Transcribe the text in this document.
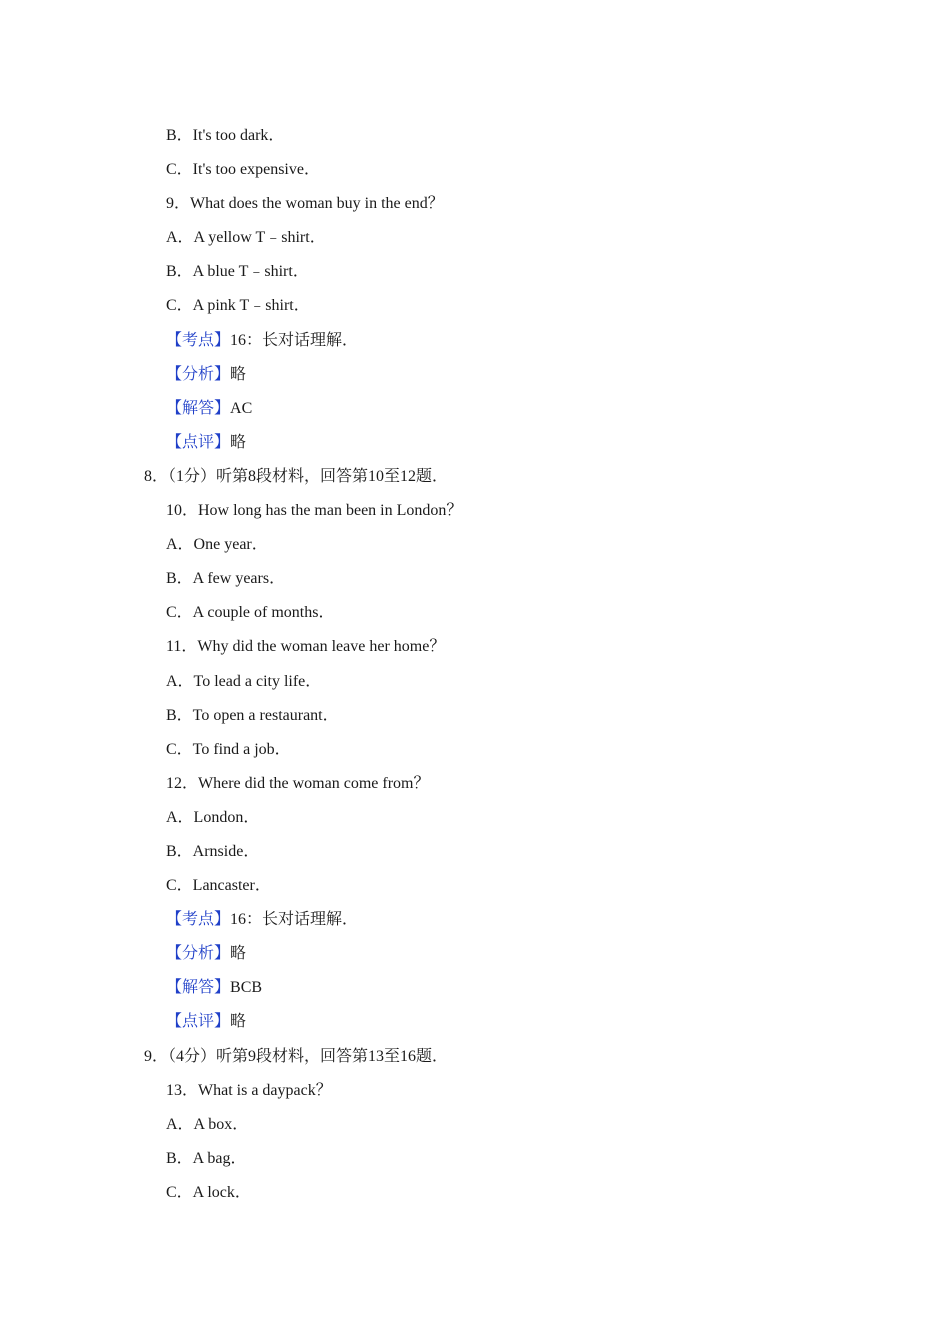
B．It's too dark．
C．It's too expensive．
9．What does the woman buy in the end？
A．A yellow T﹣shirt．
B．A blue T﹣shirt．
C．A pink T﹣shirt．
【考点】16：长对话理解．
【分析】略
【解答】AC
【点评】略
8．（1分）听第8段材料，回答第10至12题．
10．How long has the man been in London？
A．One year．
B．A few years．
C．A couple of months．
11．Why did the woman leave her home？
A．To lead a city life．
B．To open a restaurant．
C．To find a job．
12．Where did the woman come from？
A．London．
B．Arnside．
C．Lancaster．
【考点】16：长对话理解．
【分析】略
【解答】BCB
【点评】略
9．（4分）听第9段材料，回答第13至16题．
13．What is a daypack？
A．A box．
B．A bag．
C．A lock．
